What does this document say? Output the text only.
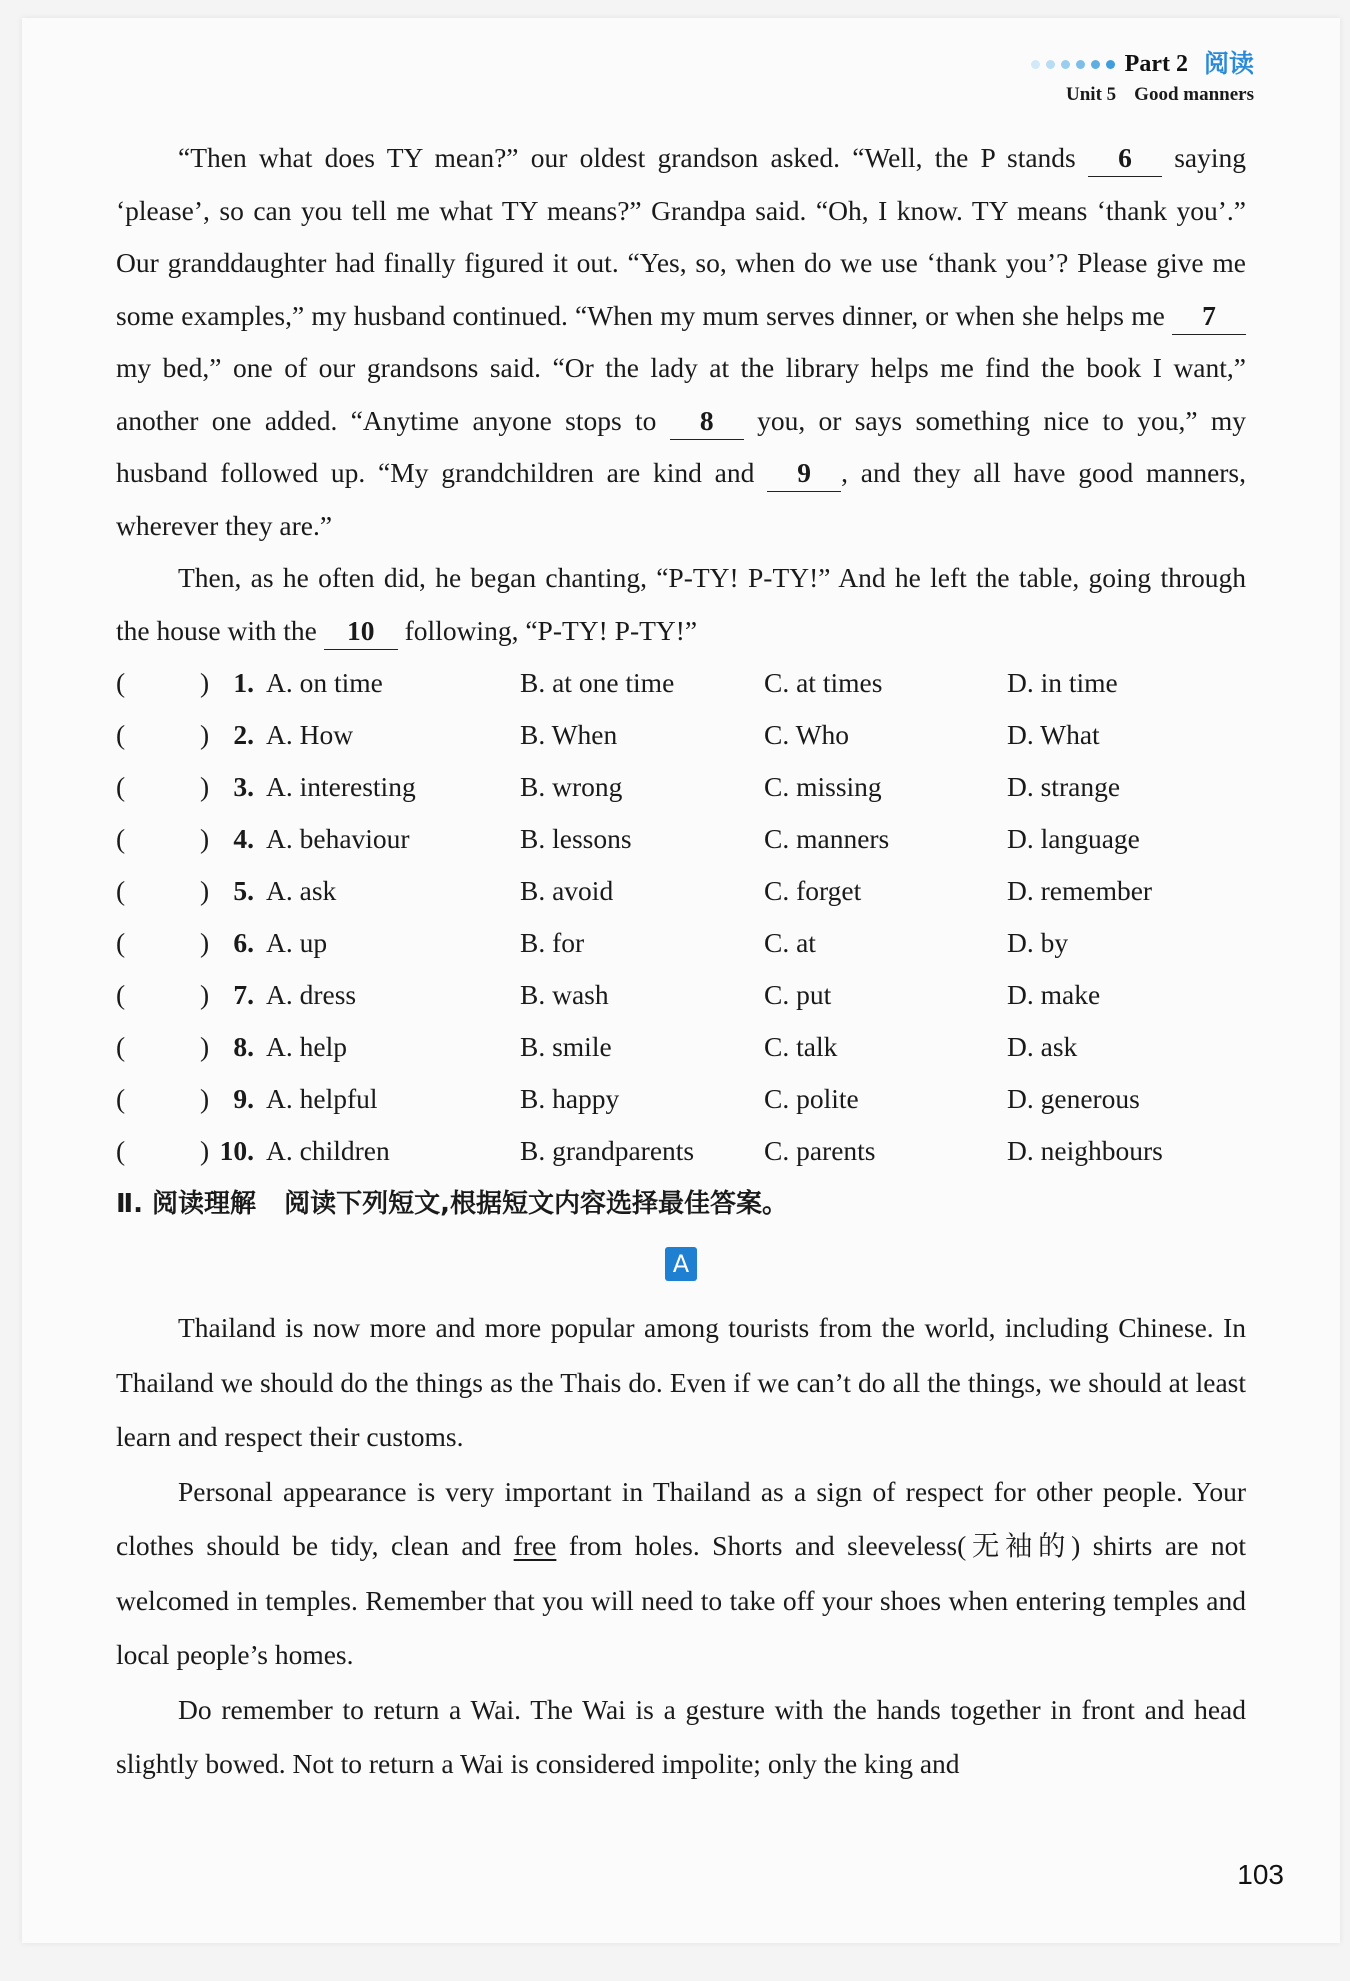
Part 2 阅读
Unit 5 Good manners

“Then what does TY mean?” our oldest grandson asked. “Well, the P stands 6 saying ‘please’, so can you tell me what TY means?” Grandpa said. “Oh, I know. TY means ‘thank you’.” Our granddaughter had finally figured it out. “Yes, so, when do we use ‘thank you’? Please give me some examples,” my husband continued. “When my mum serves dinner, or when she helps me 7 my bed,” one of our grandsons said. “Or the lady at the library helps me find the book I want,” another one added. “Anytime anyone stops to 8 you, or says something nice to you,” my husband followed up. “My grandchildren are kind and 9 , and they all have good manners, wherever they are.”

Then, as he often did, he began chanting, “P-TY! P-TY!” And he left the table, going through the house with the 10 following, “P-TY! P-TY!”

(	) 1. A. on time	B. at one time	C. at times	D. in time
(	) 2. A. How	B. When	C. Who	D. What
(	) 3. A. interesting	B. wrong	C. missing	D. strange
(	) 4. A. behaviour	B. lessons	C. manners	D. language
(	) 5. A. ask	B. avoid	C. forget	D. remember
(	) 6. A. up	B. for	C. at	D. by
(	) 7. A. dress	B. wash	C. put	D. make
(	) 8. A. help	B. smile	C. talk	D. ask
(	) 9. A. helpful	B. happy	C. polite	D. generous
(	) 10. A. children	B. grandparents	C. parents	D. neighbours
Ⅱ. 阅读理解 阅读下列短文,根据短文内容选择最佳答案。
A

Thailand is now more and more popular among tourists from the world, including Chinese. In Thailand we should do the things as the Thais do. Even if we can’t do all the things, we should at least learn and respect their customs.

Personal appearance is very important in Thailand as a sign of respect for other people. Your clothes should be tidy, clean and free from holes. Shorts and sleeveless(无袖的) shirts are not welcomed in temples. Remember that you will need to take off your shoes when entering temples and local people’s homes.

Do remember to return a Wai. The Wai is a gesture with the hands together in front and head slightly bowed. Not to return a Wai is considered impolite; only the king and

103
